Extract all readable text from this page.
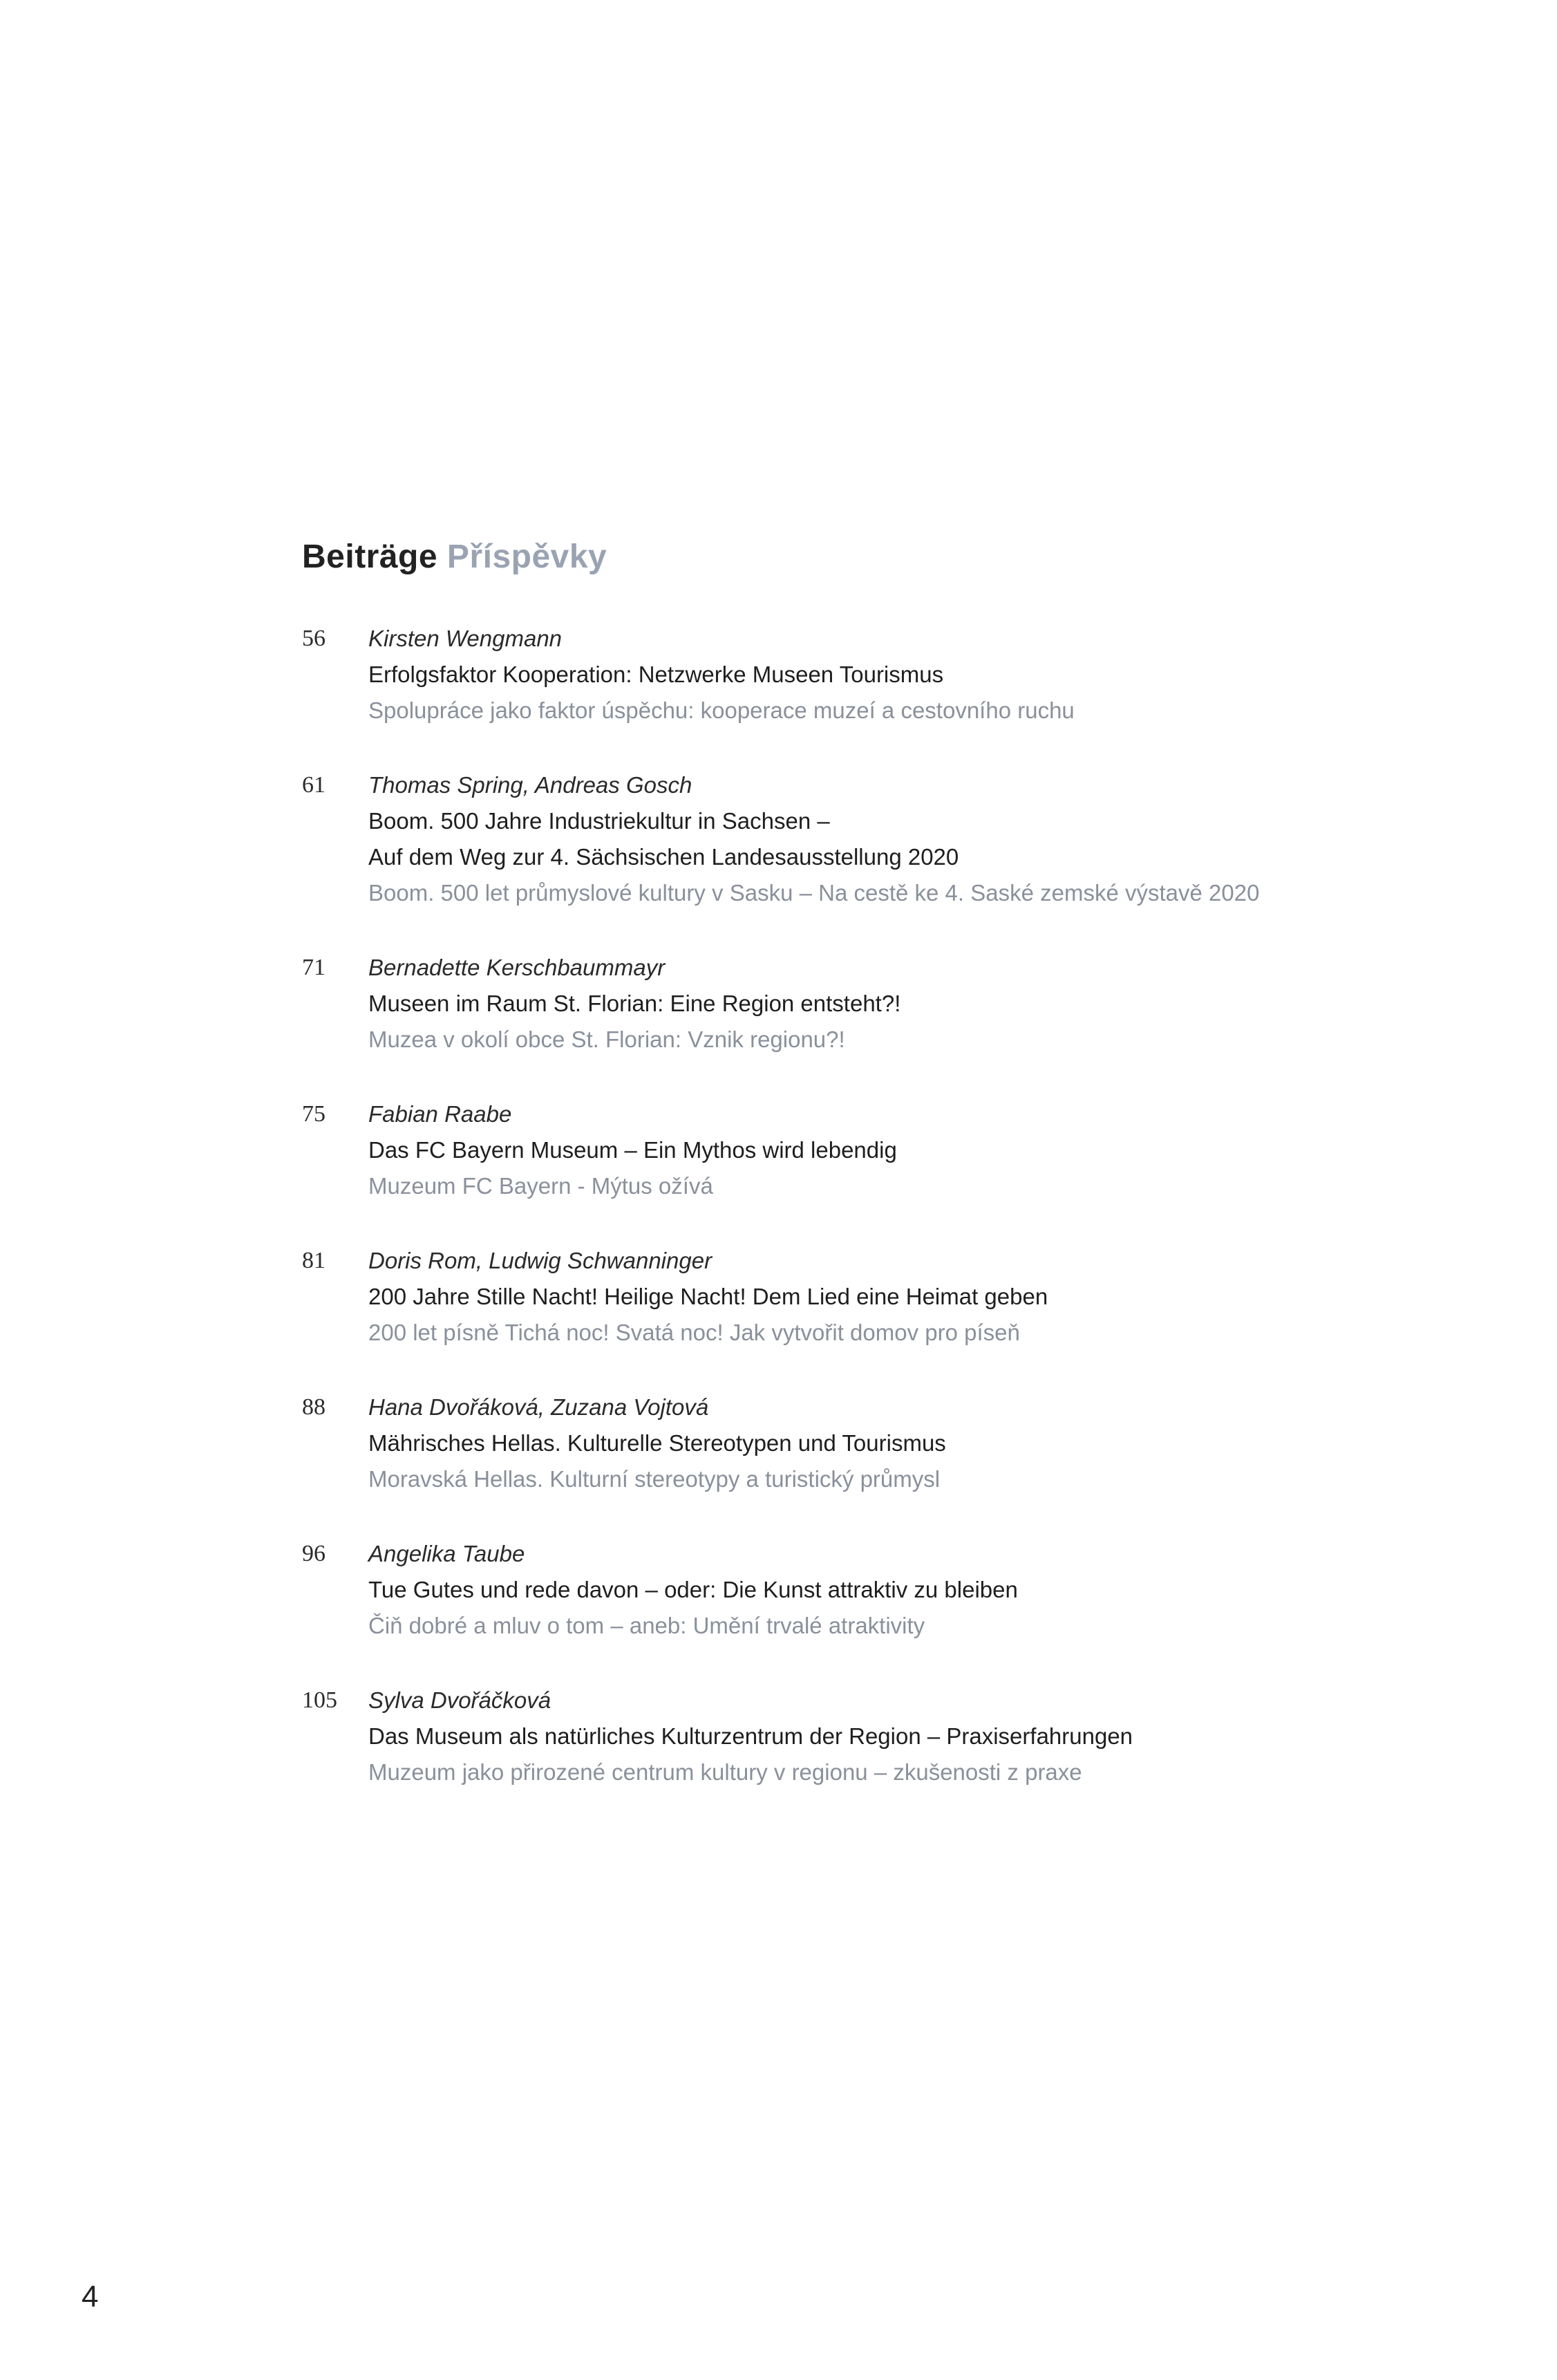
Beiträge Příspěvky
56 Kirsten Wengmann
Erfolgsfaktor Kooperation: Netzwerke Museen Tourismus
Spolupráce jako faktor úspěchu: kooperace muzeí a cestovního ruchu
61 Thomas Spring, Andreas Gosch
Boom. 500 Jahre Industriekultur in Sachsen –
Auf dem Weg zur 4. Sächsischen Landesausstellung 2020
Boom. 500 let průmyslové kultury v Sasku – Na cestě ke 4. Saské zemské výstavě 2020
71 Bernadette Kerschbaummayr
Museen im Raum St. Florian: Eine Region entsteht?!
Muzea v okolí obce St. Florian: Vznik regionu?!
75 Fabian Raabe
Das FC Bayern Museum – Ein Mythos wird lebendig
Muzeum FC Bayern - Mýtus ožívá
81 Doris Rom, Ludwig Schwanninger
200 Jahre Stille Nacht! Heilige Nacht! Dem Lied eine Heimat geben
200 let písně Tichá noc! Svatá noc! Jak vytvořit domov pro píseň
88 Hana Dvořáková, Zuzana Vojtová
Mährisches Hellas. Kulturelle Stereotypen und Tourismus
Moravská Hellas. Kulturní stereotypy a turistický průmysl
96 Angelika Taube
Tue Gutes und rede davon – oder: Die Kunst attraktiv zu bleiben
Čiň dobré a mluv o tom – aneb: Umění trvalé atraktivity
105 Sylva Dvořáčková
Das Museum als natürliches Kulturzentrum der Region – Praxiserfahrungen
Muzeum jako přirozené centrum kultury v regionu – zkušenosti z praxe
4
